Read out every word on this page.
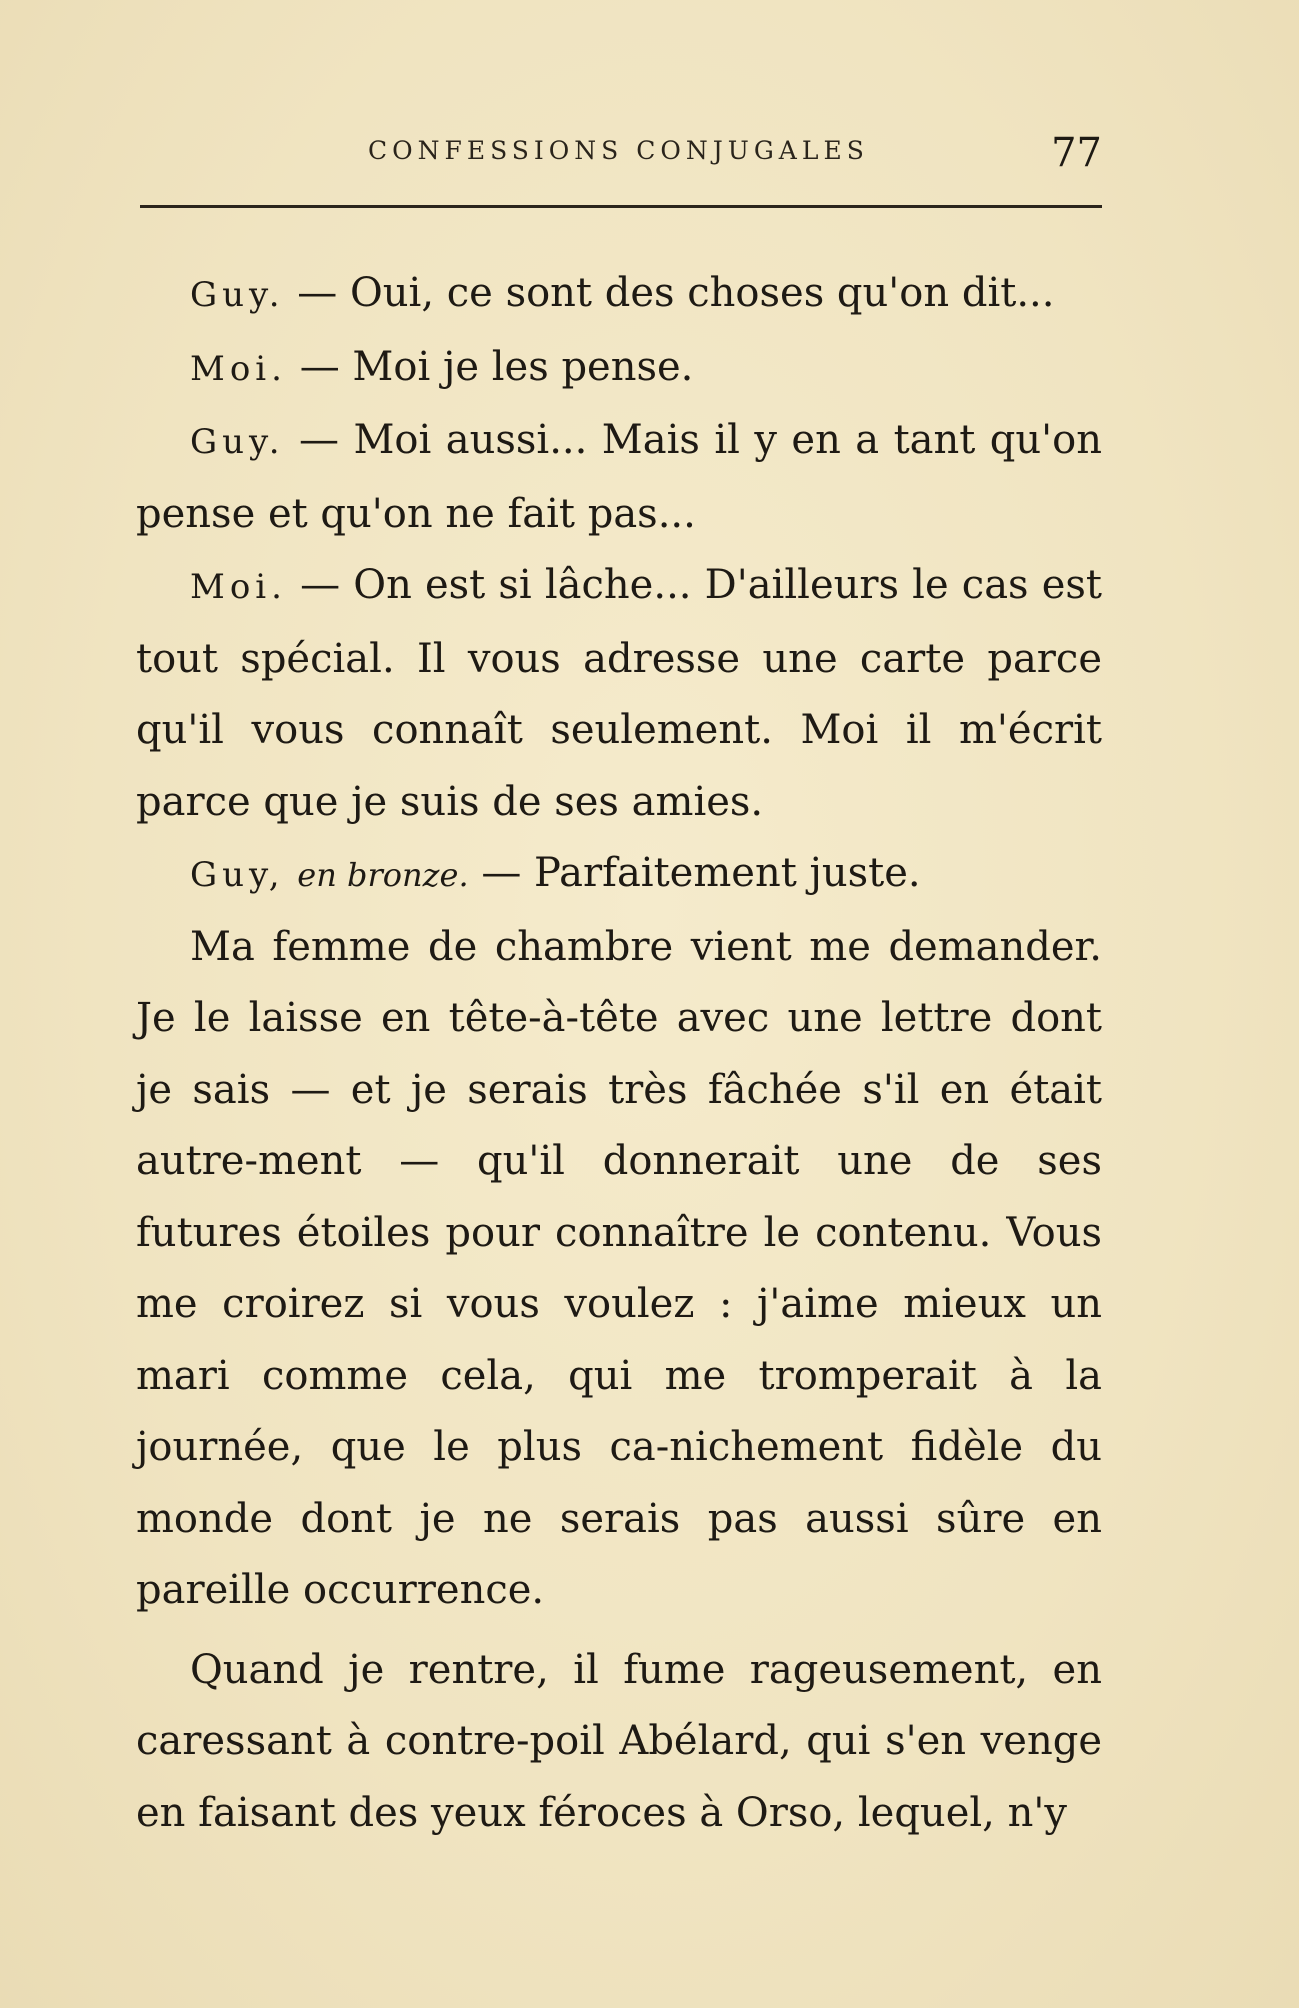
CONFESSIONS CONJUGALES	77

Guy. — Oui, ce sont des choses qu'on dit...

Moi. — Moi je les pense.

Guy. — Moi aussi... Mais il y en a tant qu'on pense et qu'on ne fait pas...

Moi. — On est si lâche... D'ailleurs le cas est tout spécial. Il vous adresse une carte parce qu'il vous connaît seulement. Moi il m'écrit parce que je suis de ses amies.

Guy, en bronze. — Parfaitement juste.

Ma femme de chambre vient me demander. Je le laisse en tête-à-tête avec une lettre dont je sais — et je serais très fâchée s'il en était autre-ment — qu'il donnerait une de ses futures étoiles pour connaître le contenu. Vous me croirez si vous voulez : j'aime mieux un mari comme cela, qui me tromperait à la journée, que le plus ca-nichement fidèle du monde dont je ne serais pas aussi sûre en pareille occurrence.

Quand je rentre, il fume rageusement, en caressant à contre-poil Abélard, qui s'en venge en faisant des yeux féroces à Orso, lequel, n'y
